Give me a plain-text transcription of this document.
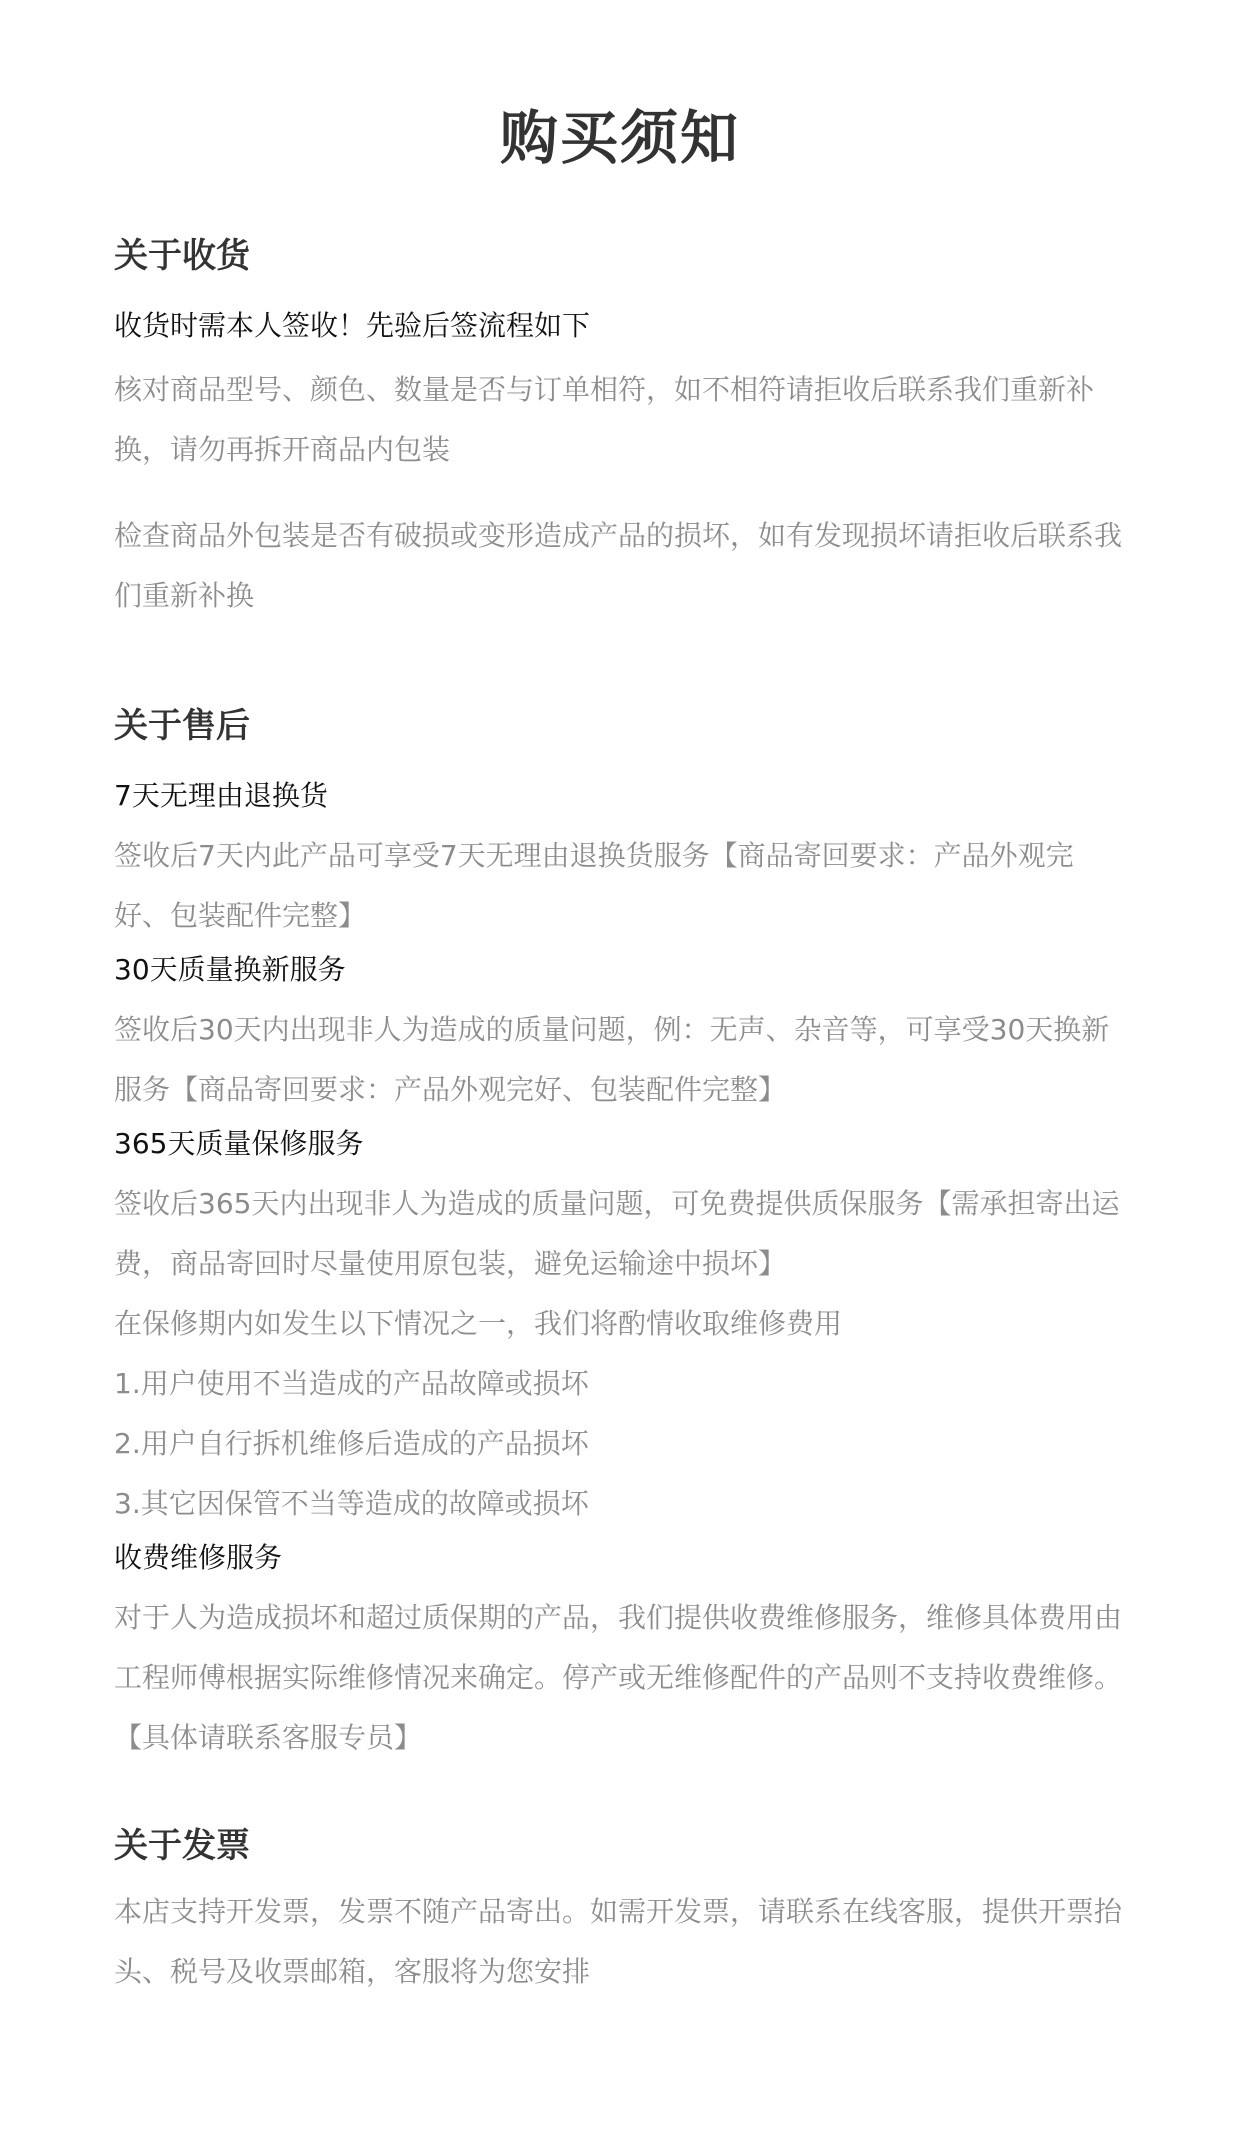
购买须知
关于收货

收货时需本人签收！先验后签流程如下

核对商品型号、颜色、数量是否与订单相符，如不相符请拒收后联系我们重新补换，请勿再拆开商品内包装

检查商品外包装是否有破损或变形造成产品的损坏，如有发现损坏请拒收后联系我们重新补换

关于售后

7天无理由退换货

签收后7天内此产品可享受7天无理由退换货服务【商品寄回要求：产品外观完好、包装配件完整】

30天质量换新服务

签收后30天内出现非人为造成的质量问题，例：无声、杂音等，可享受30天换新服务【商品寄回要求：产品外观完好、包装配件完整】

365天质量保修服务

签收后365天内出现非人为造成的质量问题，可免费提供质保服务【需承担寄出运费，商品寄回时尽量使用原包装，避免运输途中损坏】

在保修期内如发生以下情况之一，我们将酌情收取维修费用

1.用户使用不当造成的产品故障或损坏

2.用户自行拆机维修后造成的产品损坏

3.其它因保管不当等造成的故障或损坏

收费维修服务

对于人为造成损坏和超过质保期的产品，我们提供收费维修服务，维修具体费用由工程师傅根据实际维修情况来确定。停产或无维修配件的产品则不支持收费维修。【具体请联系客服专员】

关于发票

本店支持开发票，发票不随产品寄出。如需开发票，请联系在线客服，提供开票抬头、税号及收票邮箱，客服将为您安排
